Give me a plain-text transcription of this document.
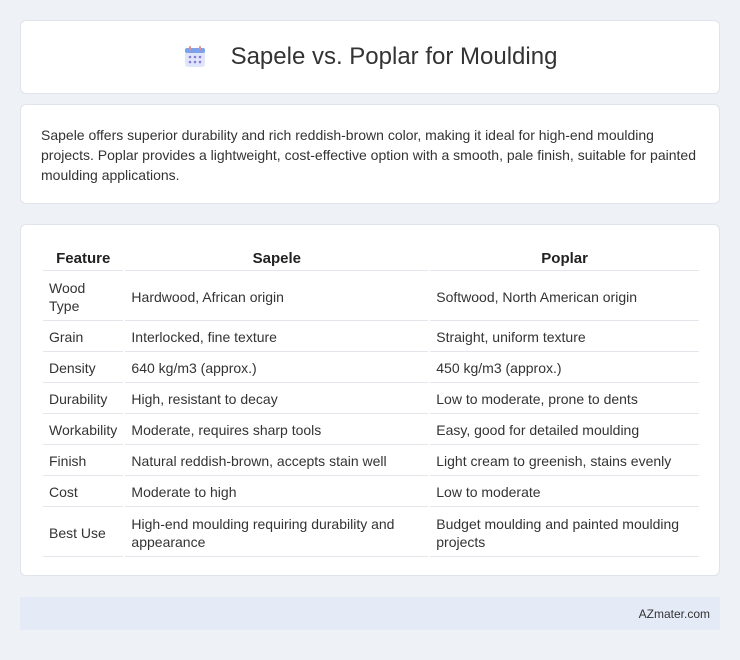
Sapele vs. Poplar for Moulding

Sapele offers superior durability and rich reddish-brown color, making it ideal for high-end moulding projects. Poplar provides a lightweight, cost-effective option with a smooth, pale finish, suitable for painted moulding applications.

Feature	Sapele	Poplar
Wood Type	Hardwood, African origin	Softwood, North American origin
Grain	Interlocked, fine texture	Straight, uniform texture
Density	640 kg/m3 (approx.)	450 kg/m3 (approx.)
Durability	High, resistant to decay	Low to moderate, prone to dents
Workability	Moderate, requires sharp tools	Easy, good for detailed moulding
Finish	Natural reddish-brown, accepts stain well	Light cream to greenish, stains evenly
Cost	Moderate to high	Low to moderate
Best Use	High-end moulding requiring durability and appearance	Budget moulding and painted moulding projects
AZmater.com
